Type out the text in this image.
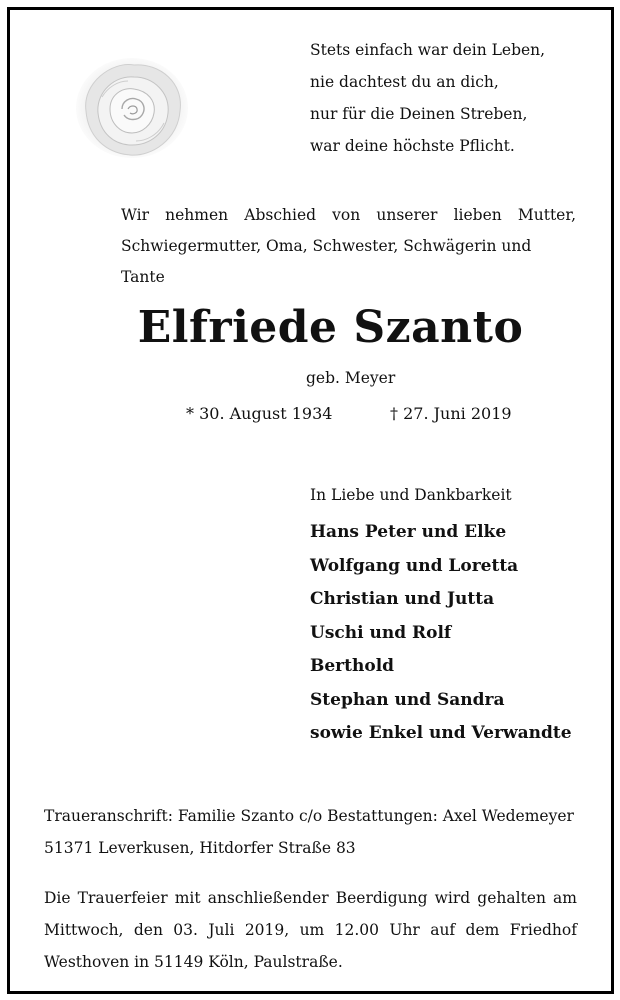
Stets einfach war dein Leben,
nie dachtest du an dich,
nur für die Deinen Streben,
war deine höchste Pflicht.
Wir nehmen Abschied von unserer lieben Mutter,
Schwiegermutter, Oma, Schwester, Schwägerin und Tante
Elfriede Szanto
geb. Meyer
* 30. August 1934	† 27. Juni 2019
In Liebe und Dankbarkeit
Hans Peter und Elke
Wolfgang und Loretta
Christian und Jutta
Uschi und Rolf
Berthold
Stephan und Sandra
sowie Enkel und Verwandte
Traueranschrift: Familie Szanto c/o Bestattungen: Axel Wedemeyer
51371 Leverkusen, Hitdorfer Straße 83
Die Trauerfeier mit anschließender Beerdigung wird gehalten am
Mittwoch, den 03. Juli 2019, um 12.00 Uhr auf dem Friedhof
Westhoven in 51149 Köln, Paulstraße.
